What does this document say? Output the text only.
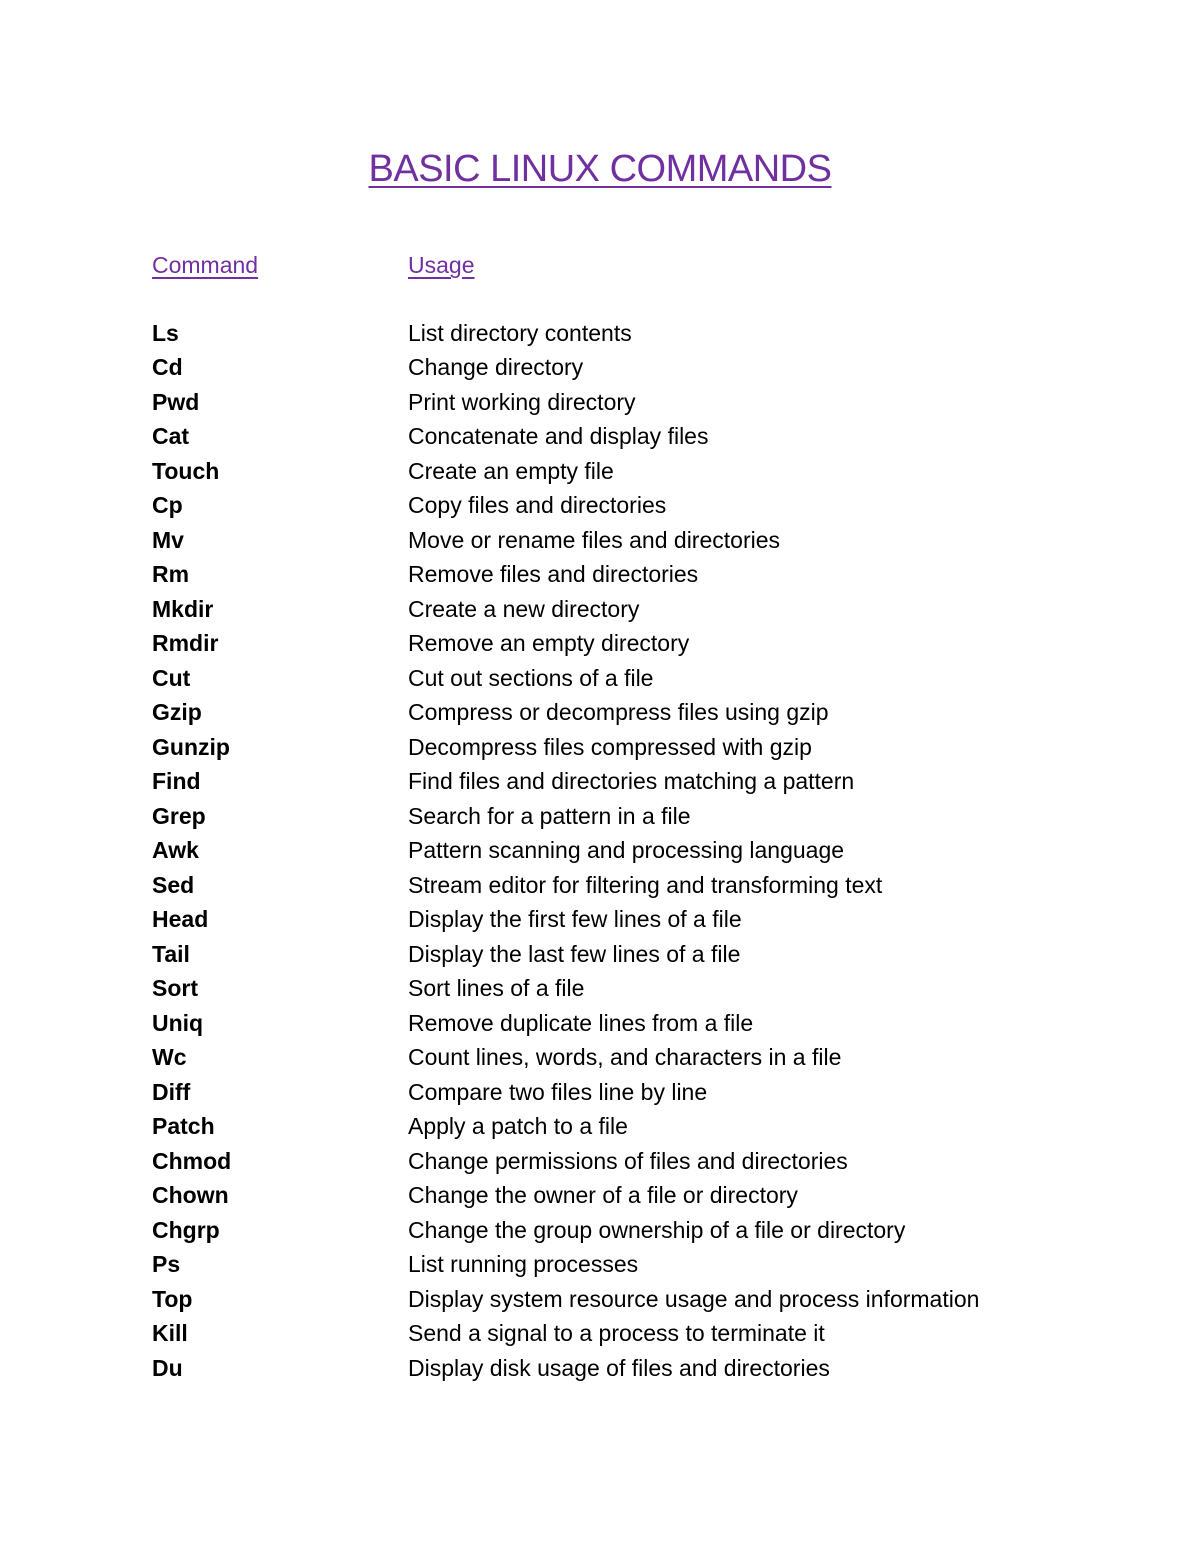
BASIC LINUX COMMANDS
Command	Usage
Ls	List directory contents
Cd	Change directory
Pwd	Print working directory
Cat	Concatenate and display files
Touch	Create an empty file
Cp	Copy files and directories
Mv	Move or rename files and directories
Rm	Remove files and directories
Mkdir	Create a new directory
Rmdir	Remove an empty directory
Cut	Cut out sections of a file
Gzip	Compress or decompress files using gzip
Gunzip	Decompress files compressed with gzip
Find	Find files and directories matching a pattern
Grep	Search for a pattern in a file
Awk	Pattern scanning and processing language
Sed	Stream editor for filtering and transforming text
Head	Display the first few lines of a file
Tail	Display the last few lines of a file
Sort	Sort lines of a file
Uniq	Remove duplicate lines from a file
Wc	Count lines, words, and characters in a file
Diff	Compare two files line by line
Patch	Apply a patch to a file
Chmod	Change permissions of files and directories
Chown	Change the owner of a file or directory
Chgrp	Change the group ownership of a file or directory
Ps	List running processes
Top	Display system resource usage and process information
Kill	Send a signal to a process to terminate it
Du	Display disk usage of files and directories
